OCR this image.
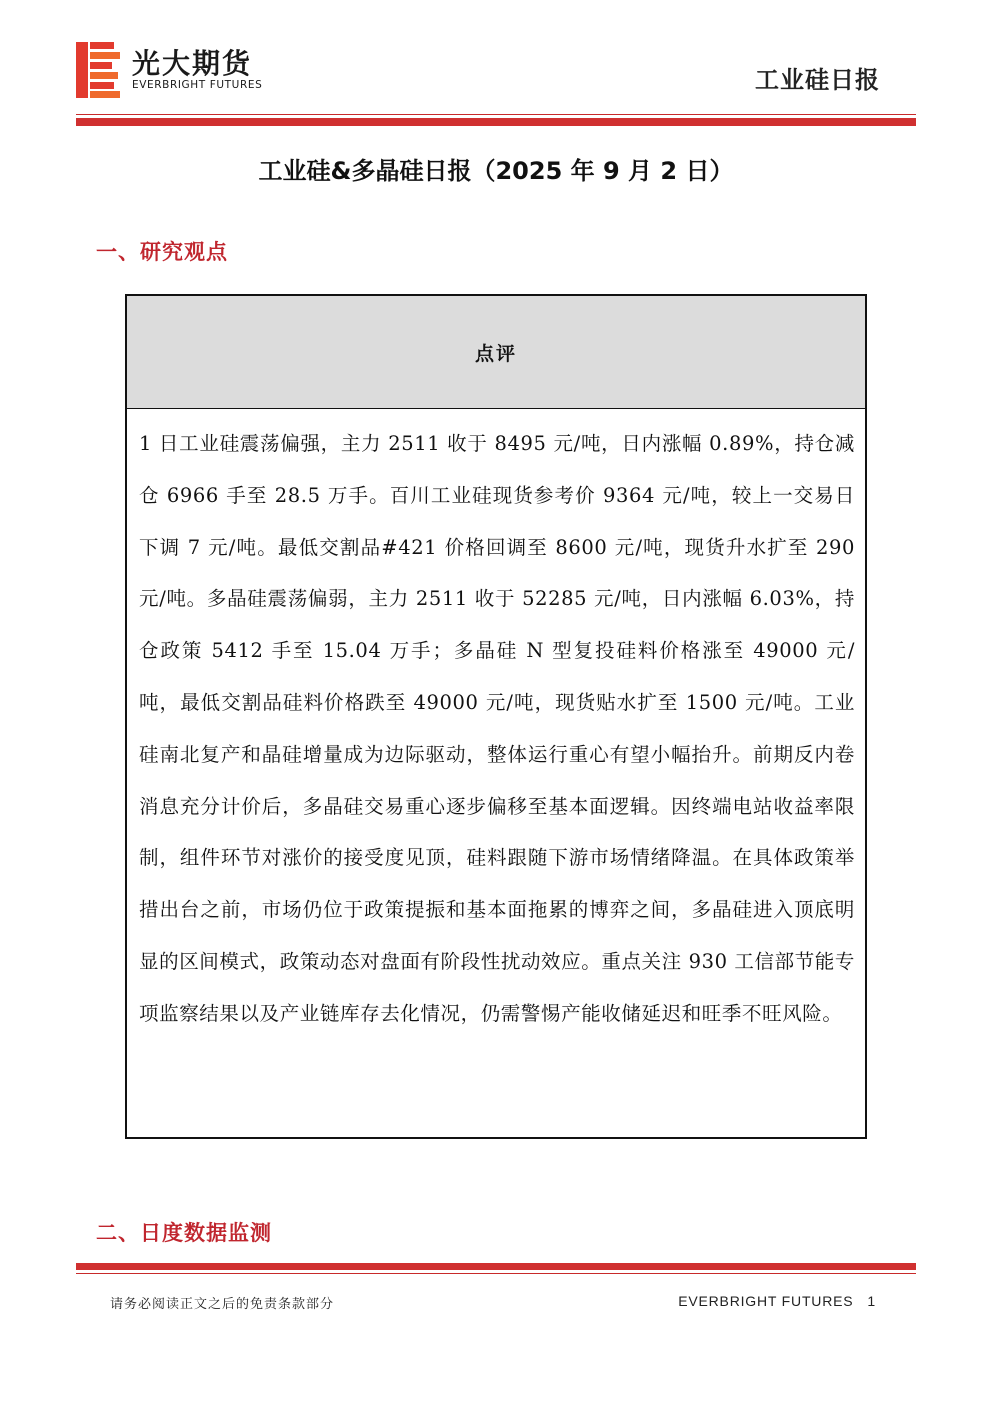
光大期货
EVERBRIGHT FUTURES	工业硅日报
工业硅&多晶硅日报（2025 年 9 月 2 日）
一、研究观点
点评
1 日工业硅震荡偏强，主力 2511 收于 8495 元/吨，日内涨幅 0.89%，持仓减仓 6966 手至 28.5 万手。百川工业硅现货参考价 9364 元/吨，较上一交易日下调 7 元/吨。最低交割品#421 价格回调至 8600 元/吨，现货升水扩至 290 元/吨。多晶硅震荡偏弱，主力 2511 收于 52285 元/吨，日内涨幅 6.03%，持仓政策 5412 手至 15.04 万手；多晶硅 N 型复投硅料价格涨至 49000 元/吨，最低交割品硅料价格跌至 49000 元/吨，现货贴水扩至 1500 元/吨。工业硅南北复产和晶硅增量成为边际驱动，整体运行重心有望小幅抬升。前期反内卷消息充分计价后，多晶硅交易重心逐步偏移至基本面逻辑。因终端电站收益率限制，组件环节对涨价的接受度见顶，硅料跟随下游市场情绪降温。在具体政策举措出台之前，市场仍位于政策提振和基本面拖累的博弈之间，多晶硅进入顶底明显的区间模式，政策动态对盘面有阶段性扰动效应。重点关注 930 工信部节能专项监察结果以及产业链库存去化情况，仍需警惕产能收储延迟和旺季不旺风险。
二、日度数据监测
请务必阅读正文之后的免责条款部分	EVERBRIGHT FUTURES 1
